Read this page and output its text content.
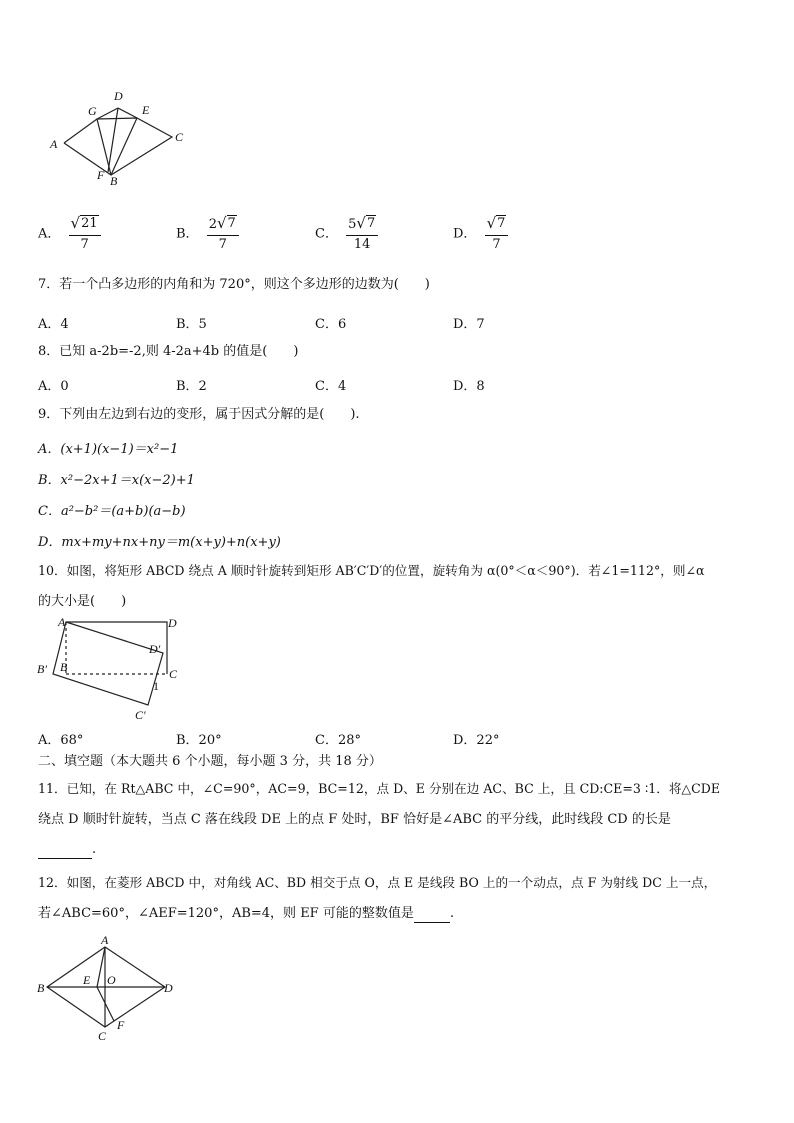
G
D
E
A	C
F B
A． $\frac{√ 21}{7}$	B． $\frac{2 √ 7}{7}$	C． $\frac{5 √ 7}{14}$	D． $\frac{√ 7}{7}$
7．若一个凸多边形的内角和为 720°，则这个多边形的边数为(　　)
A．4	B．5	C．6	D．7
8．已知 a-2b=-2,则 4-2a+4b 的值是(　　)
A．0	B．2	C．4	D．8
9．下列由左边到右边的变形，属于因式分解的是(　　).
A．(x+1)(x−1)＝x²−1
B．x²−2x+1＝x(x−2)+1
C．a²−b²＝(a+b)(a−b)
D．mx+my+nx+ny＝m(x+y)+n(x+y)
10．如图，将矩形 ABCD 绕点 A 顺时针旋转到矩形 AB′C′D′的位置，旋转角为 α(0°＜α＜90°)．若∠1=112°，则∠α
的大小是(　　)
A	D
D′
B′ B	C
1
C′
A．68°	B．20°	C．28°	D．22°
二、填空题（本大题共 6 个小题，每小题 3 分，共 18 分）
11．已知，在 Rt△ABC 中，∠C=90°，AC=9，BC=12，点 D、E 分别在边 AC、BC 上，且 CD:CE=3 ∶1．将△CDE
绕点 D 顺时针旋转，当点 C 落在线段 DE 上的点 F 处时，BF 恰好是∠ABC 的平分线，此时线段 CD 的长是
.
12．如图，在菱形 ABCD 中，对角线 AC、BD 相交于点 O，点 E 是线段 BO 上的一个动点，点 F 为射线 DC 上一点，
若∠ABC=60°，∠AEF=120°，AB=4，则 EF 可能的整数值是	.
A
B
E O
D
C
F
